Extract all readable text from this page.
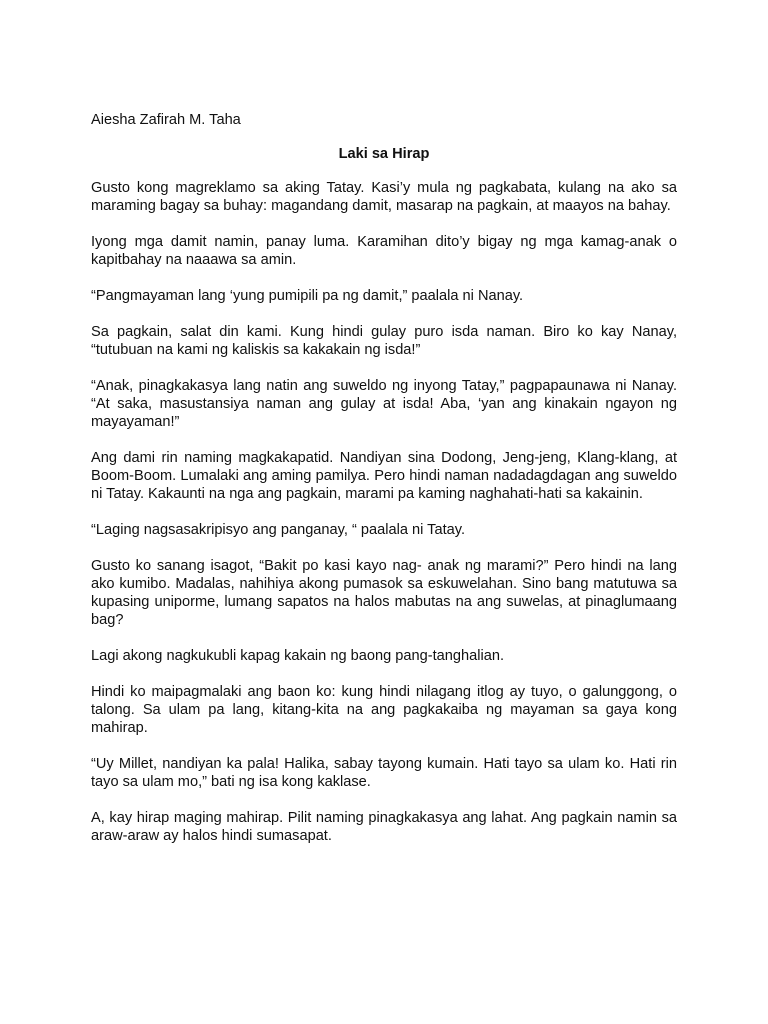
Aiesha Zafirah M. Taha

Laki sa Hirap

Gusto kong magreklamo sa aking Tatay. Kasi’y mula ng pagkabata, kulang na ako sa maraming bagay sa buhay: magandang damit, masarap na pagkain, at maayos na bahay.

Iyong mga damit namin, panay luma. Karamihan dito’y bigay ng mga kamag-anak o kapitbahay na naaawa sa amin.

“Pangmayaman lang ‘yung pumipili pa ng damit,” paalala ni Nanay.

Sa pagkain, salat din kami. Kung hindi gulay puro isda naman. Biro ko kay Nanay, “tutubuan na kami ng kaliskis sa kakakain ng isda!”

“Anak, pinagkakasya lang natin ang suweldo ng inyong Tatay,” pagpapaunawa ni Nanay. “At saka, masustansiya naman ang gulay at isda! Aba, ‘yan ang kinakain ngayon ng mayayaman!”

Ang dami rin naming magkakapatid. Nandiyan sina Dodong, Jeng-jeng, Klang-klang, at Boom-Boom. Lumalaki ang aming pamilya. Pero hindi naman nadadagdagan ang suweldo ni Tatay. Kakaunti na nga ang pagkain, marami pa kaming naghahati-hati sa kakainin.

“Laging nagsasakripisyo ang panganay, “ paalala ni Tatay.

Gusto ko sanang isagot, “Bakit po kasi kayo nag- anak ng marami?” Pero hindi na lang ako kumibo. Madalas, nahihiya akong pumasok sa eskuwelahan. Sino bang matutuwa sa kupasing uniporme, lumang sapatos na halos mabutas na ang suwelas, at pinaglumaang bag?

Lagi akong nagkukubli kapag kakain ng baong pang-tanghalian.

Hindi ko maipagmalaki ang baon ko: kung hindi nilagang itlog ay tuyo, o galunggong, o talong. Sa ulam pa lang, kitang-kita na ang pagkakaiba ng mayaman sa gaya kong mahirap.

“Uy Millet, nandiyan ka pala! Halika, sabay tayong kumain. Hati tayo sa ulam ko. Hati rin tayo sa ulam mo,” bati ng isa kong kaklase.

A, kay hirap maging mahirap. Pilit naming pinagkakasya ang lahat. Ang pagkain namin sa araw-araw ay halos hindi sumasapat.
